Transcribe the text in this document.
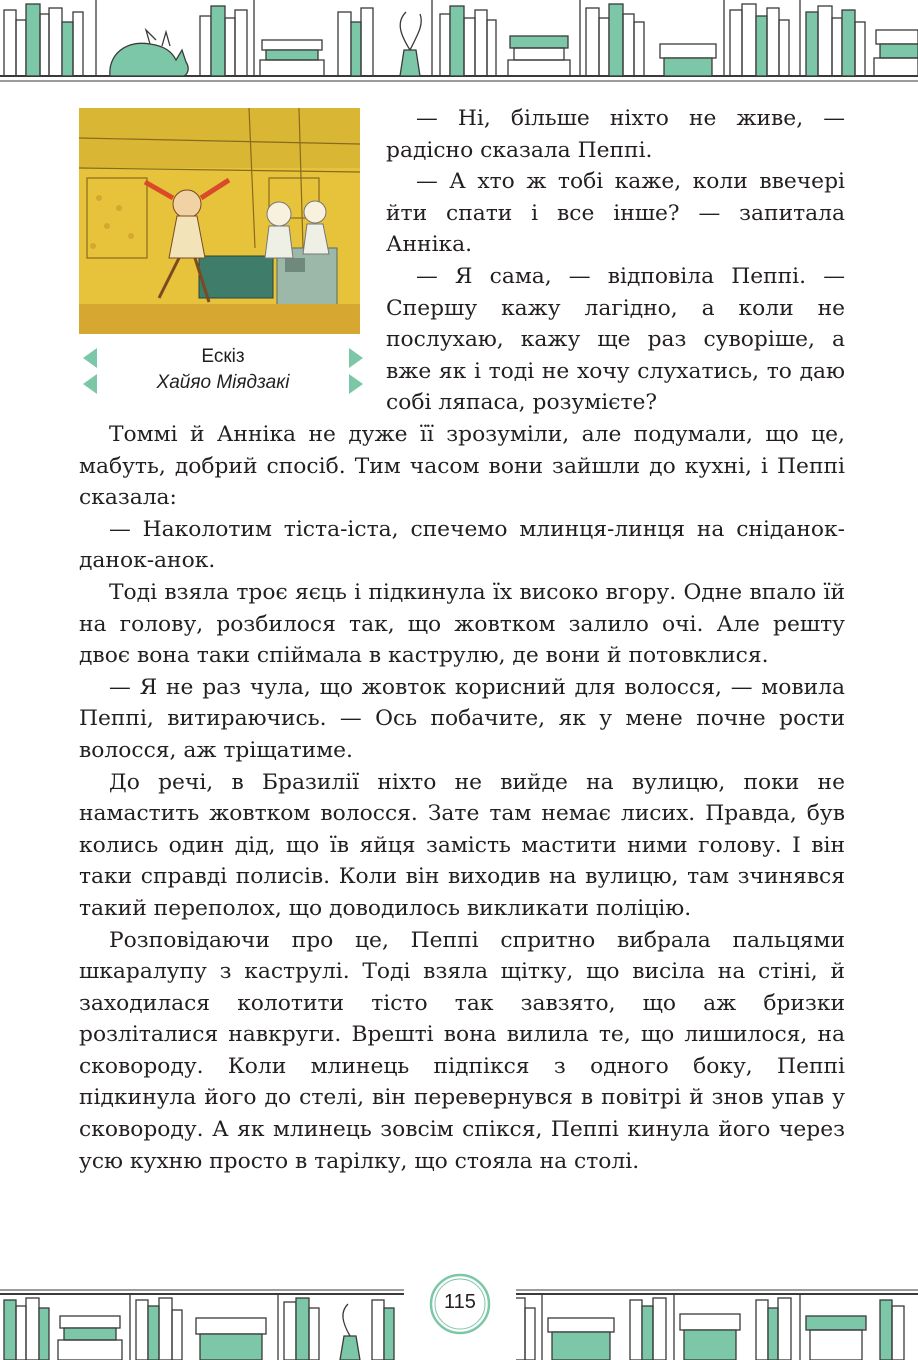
Ескіз
Хайяо Міядзакі

— Ні, більше ніхто не живе, — радісно сказала Пеппі.

— А хто ж тобі каже, коли ввечері йти спати і все інше? — запитала Анніка.

— Я сама, — відповіла Пеппі. — Спершу кажу лагідно, а коли не послухаю, кажу ще раз суворіше, а вже як і тоді не хочу слухатись, то даю собі ляпаса, розумієте?

Томмі й Анніка не дуже її зрозуміли, але подумали, що це, мабуть, добрий спосіб. Тим часом вони зайшли до кухні, і Пеппі сказала:

— Наколотим тіста-іста, спечемо млинця-линця на сніданок-данок-анок.

Тоді взяла троє яєць і підкинула їх високо вгору. Одне впало їй на голову, розбилося так, що жовтком залило очі. Але решту двоє вона таки спіймала в каструлю, де вони й потовклися.

— Я не раз чула, що жовток корисний для волосся, — мовила Пеппі, витираючись. — Ось побачите, як у мене почне рости волосся, аж тріщатиме.

До речі, в Бразилії ніхто не вийде на вулицю, поки не намастить жовтком волосся. Зате там немає лисих. Правда, був колись один дід, що їв яйця замість мастити ними голову. І він таки справді полисів. Коли він виходив на вулицю, там зчинявся такий переполох, що доводилось викликати поліцію.

Розповідаючи про це, Пеппі спритно вибрала пальцями шкаралупу з каструлі. Тоді взяла щітку, що висіла на стіні, й заходилася колотити тісто так завзято, що аж бризки розліталися навкруги. Врешті вона вилила те, що лишилося, на сковороду. Коли млинець підпікся з одного боку, Пеппі підкинула його до стелі, він перевернувся в повітрі й знов упав у сковороду. А як млинець зовсім спікся, Пеппі кинула його через усю кухню просто в тарілку, що стояла на столі.

115
